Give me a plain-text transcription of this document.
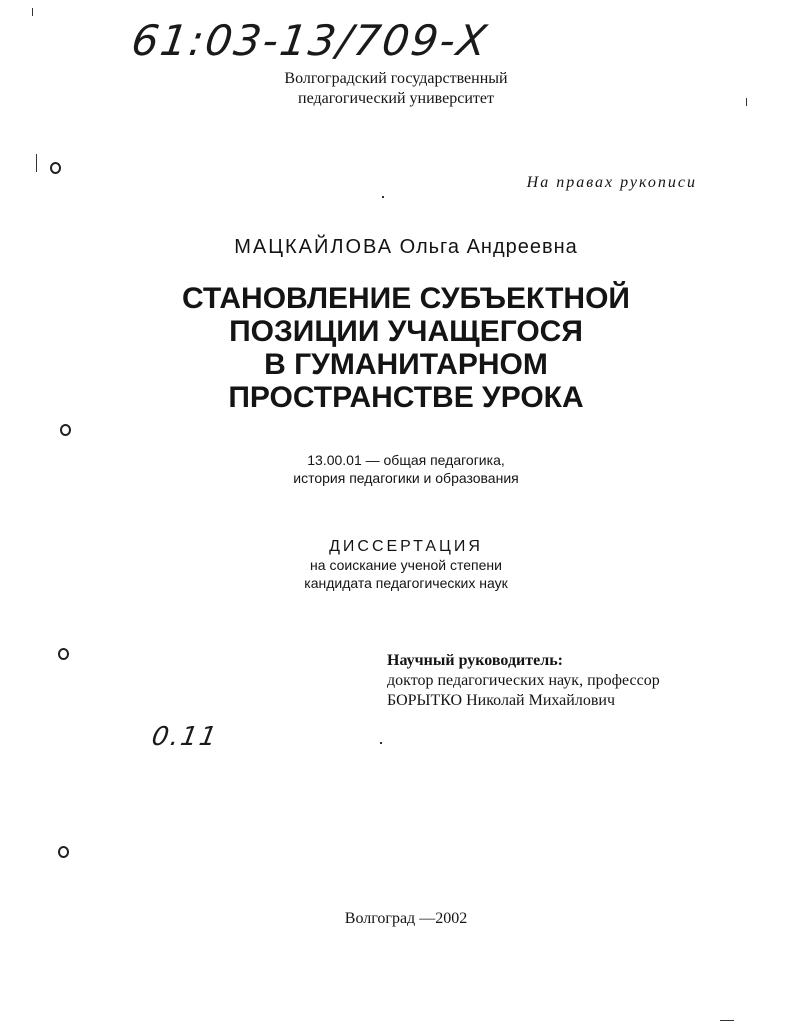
61:03-13/709-Х
Волгоградский государственный
педагогический университет
На правах рукописи
МАЦКАЙЛОВА Ольга Андреевна
СТАНОВЛЕНИЕ СУБЪЕКТНОЙ
ПОЗИЦИИ УЧАЩЕГОСЯ
В ГУМАНИТАРНОМ
ПРОСТРАНСТВЕ УРОКА
13.00.01 — общая педагогика,
история педагогики и образования
ДИССЕРТАЦИЯ
на соискание ученой степени
кандидата педагогических наук
Научный руководитель:
доктор педагогических наук, профессор
БОРЫТКО Николай Михайлович
0.11
Волгоград —2002
